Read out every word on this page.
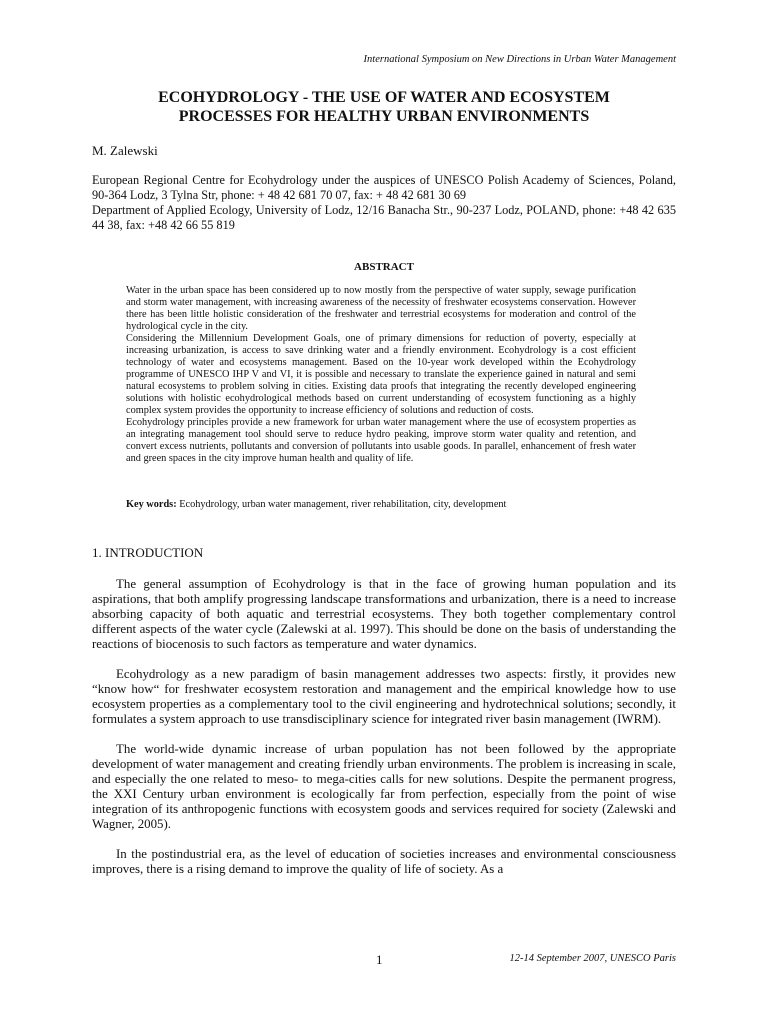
International Symposium on New Directions in Urban Water Management
ECOHYDROLOGY - THE USE OF WATER AND ECOSYSTEM
PROCESSES FOR HEALTHY URBAN ENVIRONMENTS
M. Zalewski
European Regional Centre for Ecohydrology under the auspices of UNESCO Polish Academy of Sciences, Poland, 90-364 Lodz, 3 Tylna Str, phone: + 48 42 681 70 07, fax: + 48 42 681 30 69
Department of Applied Ecology, University of Lodz, 12/16 Banacha Str., 90-237 Lodz, POLAND, phone: +48 42 635 44 38, fax: +48 42 66 55 819
ABSTRACT

Water in the urban space has been considered up to now mostly from the perspective of water supply, sewage purification and storm water management, with increasing awareness of the necessity of freshwater ecosystems conservation. However there has been little holistic consideration of the freshwater and terrestrial ecosystems for moderation and control of the hydrological cycle in the city.

Considering the Millennium Development Goals, one of primary dimensions for reduction of poverty, especially at increasing urbanization, is access to save drinking water and a friendly environment. Ecohydrology is a cost efficient technology of water and ecosystems management. Based on the 10-year work developed within the Ecohydrology programme of UNESCO IHP V and VI, it is possible and necessary to translate the experience gained in natural and semi natural ecosystems to problem solving in cities. Existing data proofs that integrating the recently developed engineering solutions with holistic ecohydrological methods based on current understanding of ecosystem functioning as a highly complex system provides the opportunity to increase efficiency of solutions and reduction of costs.

Ecohydrology principles provide a new framework for urban water management where the use of ecosystem properties as an integrating management tool should serve to reduce hydro peaking, improve storm water quality and retention, and convert excess nutrients, pollutants and conversion of pollutants into usable goods. In parallel, enhancement of fresh water and green spaces in the city improve human health and quality of life.

Key words: Ecohydrology, urban water management, river rehabilitation, city, development
1. INTRODUCTION

The general assumption of Ecohydrology is that in the face of growing human population and its aspirations, that both amplify progressing landscape transformations and urbanization, there is a need to increase absorbing capacity of both aquatic and terrestrial ecosystems. They both together complementary control different aspects of the water cycle (Zalewski at al. 1997). This should be done on the basis of understanding the reactions of biocenosis to such factors as temperature and water dynamics.

Ecohydrology as a new paradigm of basin management addresses two aspects: firstly, it provides new “know how“ for freshwater ecosystem restoration and management and the empirical knowledge how to use ecosystem properties as a complementary tool to the civil engineering and hydrotechnical solutions; secondly, it formulates a system approach to use transdisciplinary science for integrated river basin management (IWRM).

The world-wide dynamic increase of urban population has not been followed by the appropriate development of water management and creating friendly urban environments. The problem is increasing in scale, and especially the one related to meso- to mega-cities calls for new solutions. Despite the permanent progress, the XXI Century urban environment is ecologically far from perfection, especially from the point of wise integration of its anthropogenic functions with ecosystem goods and services required for society (Zalewski and Wagner, 2005).

In the postindustrial era, as the level of education of societies increases and environmental consciousness improves, there is a rising demand to improve the quality of life of society. As a

1	12-14 September 2007, UNESCO Paris
